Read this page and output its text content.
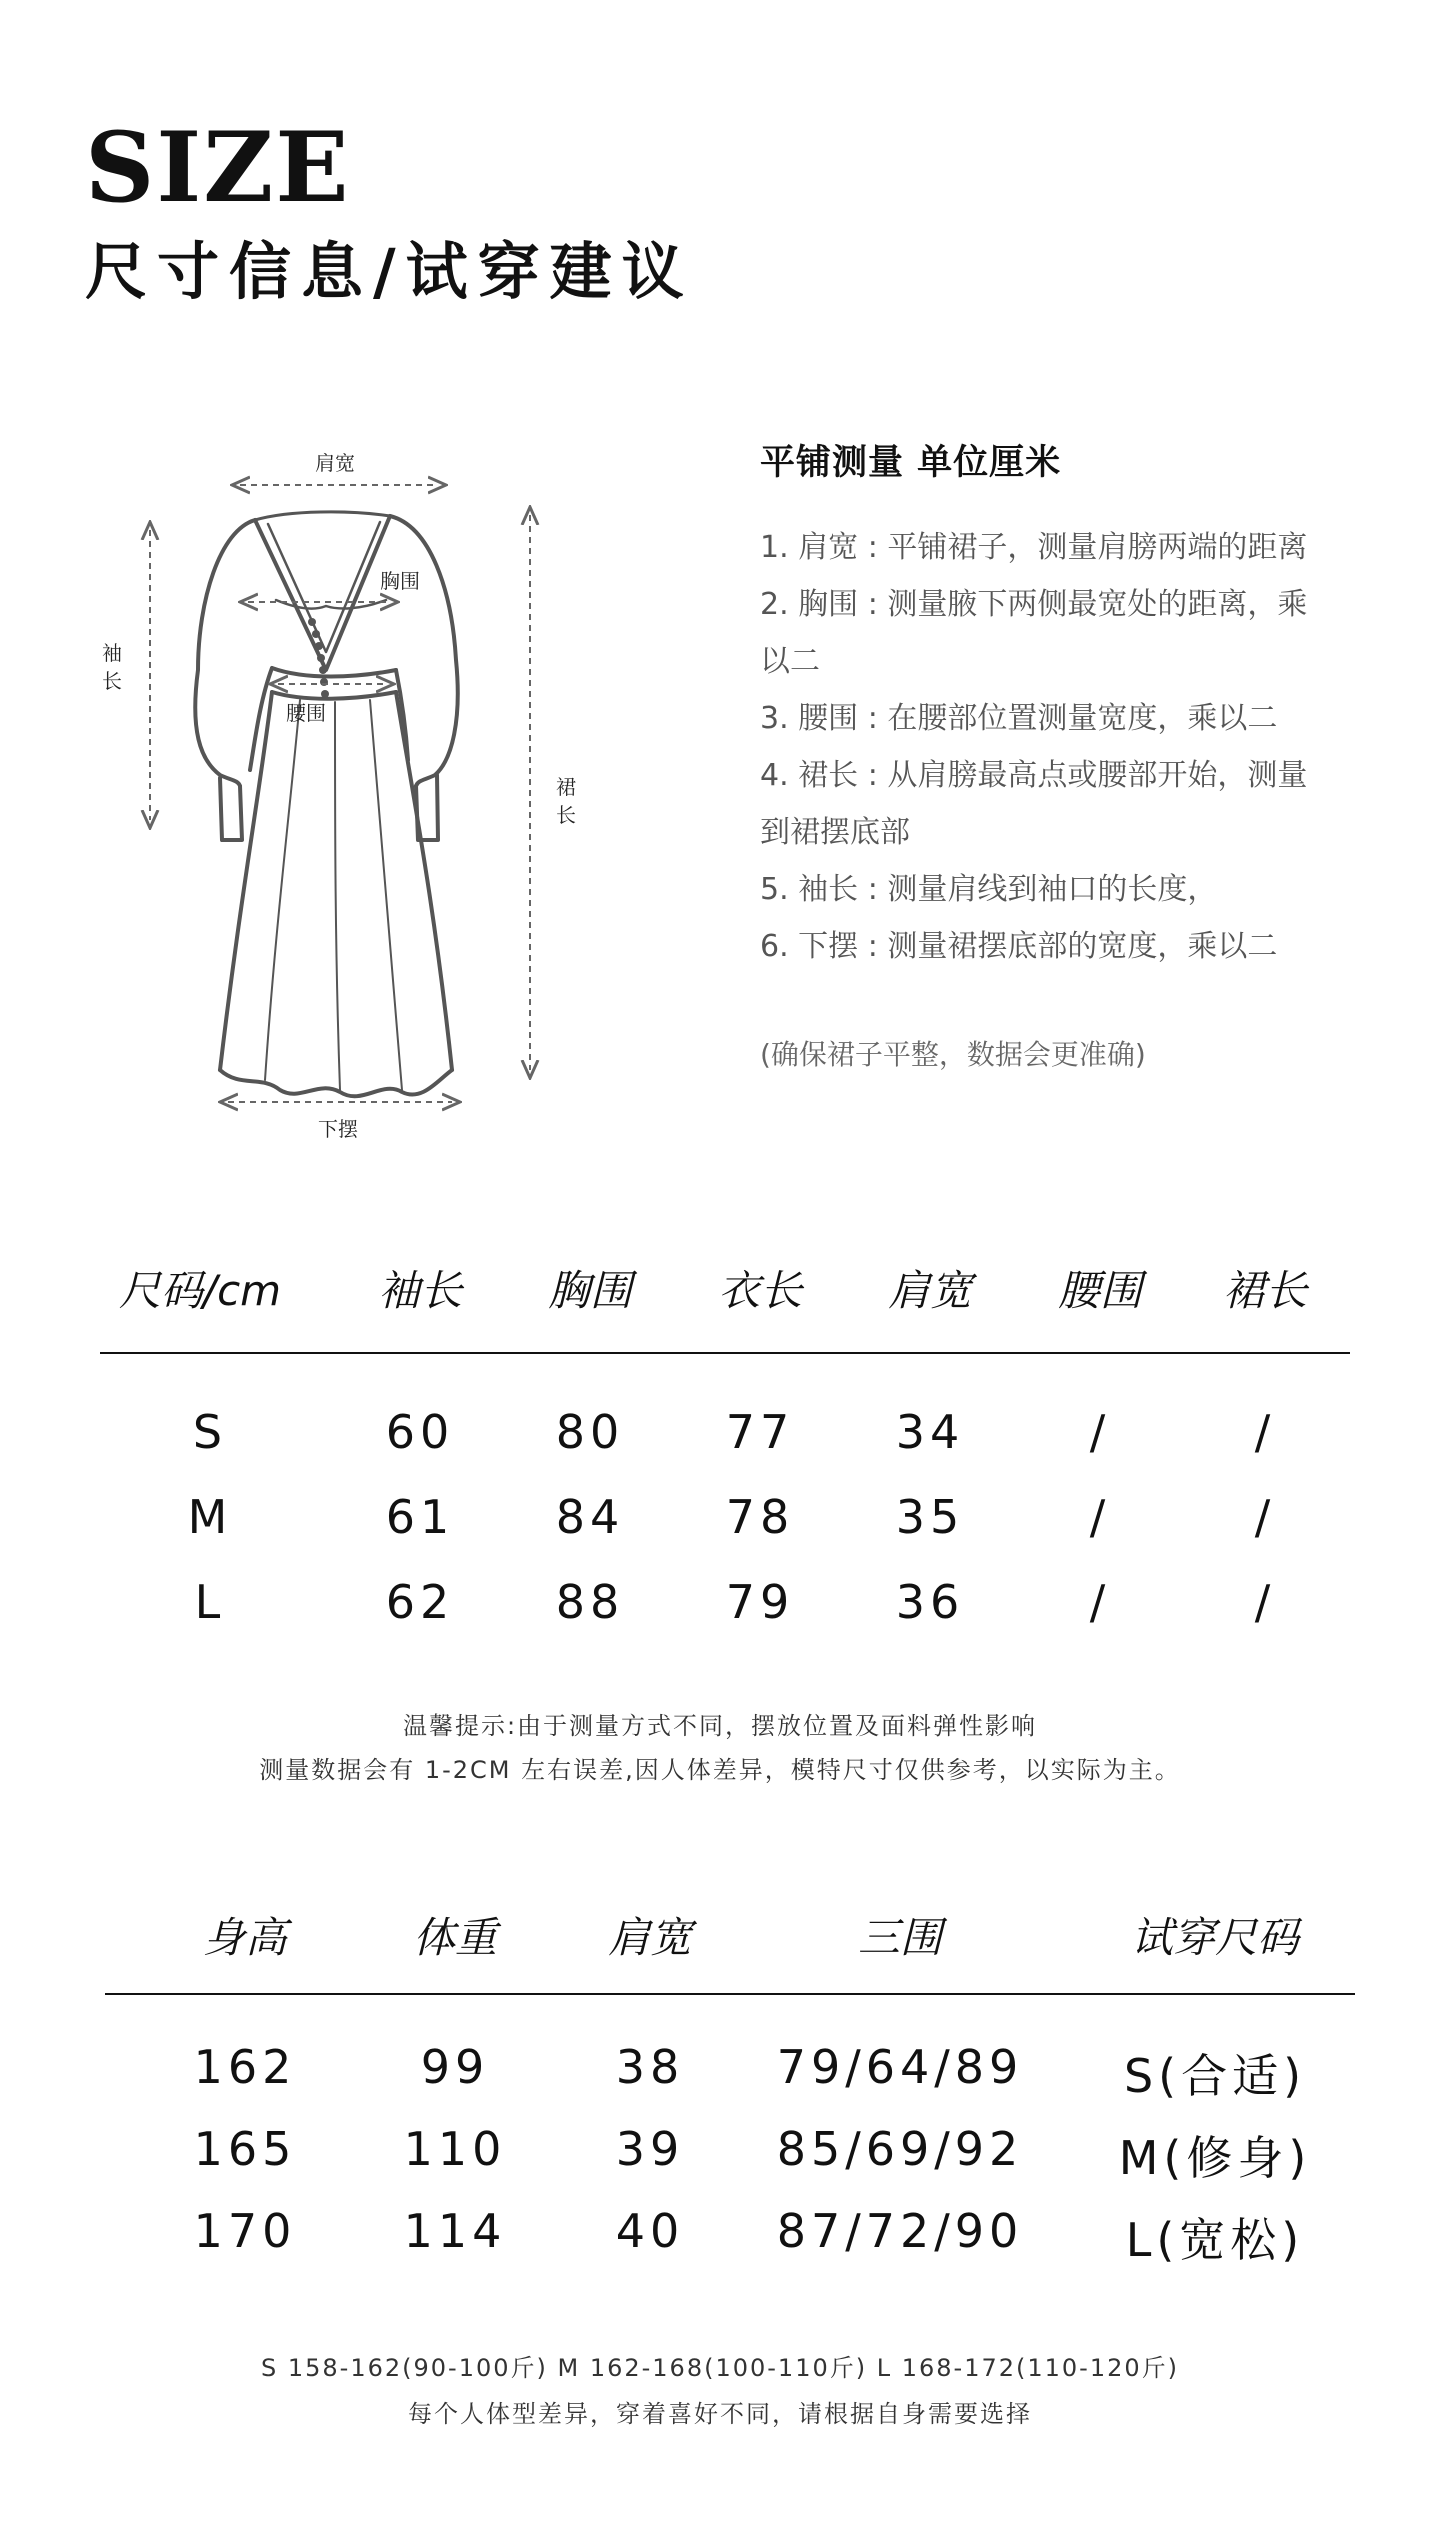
SIZE
尺寸信息/试穿建议
肩宽
胸围
腰围
袖
长
裙
长
下摆
平铺测量 单位厘米
1. 肩宽 : 平铺裙子，测量肩膀两端的距离
2. 胸围 : 测量腋下两侧最宽处的距离，乘
以二
3. 腰围 : 在腰部位置测量宽度，乘以二
4. 裙长 : 从肩膀最高点或腰部开始，测量
到裙摆底部
5. 袖长 : 测量肩线到袖口的长度，
6. 下摆 : 测量裙摆底部的宽度，乘以二
(确保裙子平整，数据会更准确)
尺码/cm	袖长	胸围	衣长	肩宽	腰围	裙长
S	60	80	77	34	/	/
M	61	84	78	35	/	/
L	62	88	79	36	/	/
温馨提示:由于测量方式不同，摆放位置及面料弹性影响
测量数据会有 1-2CM 左右误差,因人体差异，模特尺寸仅供参考，以实际为主。
身高	体重	肩宽	三围	试穿尺码
162	99	38	79/64/89	S(合适)
165	110	39	85/69/92	M(修身)
170	114	40	87/72/90	L(宽松)
S 158-162(90-100斤) M 162-168(100-110斤) L 168-172(110-120斤)
每个人体型差异，穿着喜好不同，请根据自身需要选择
